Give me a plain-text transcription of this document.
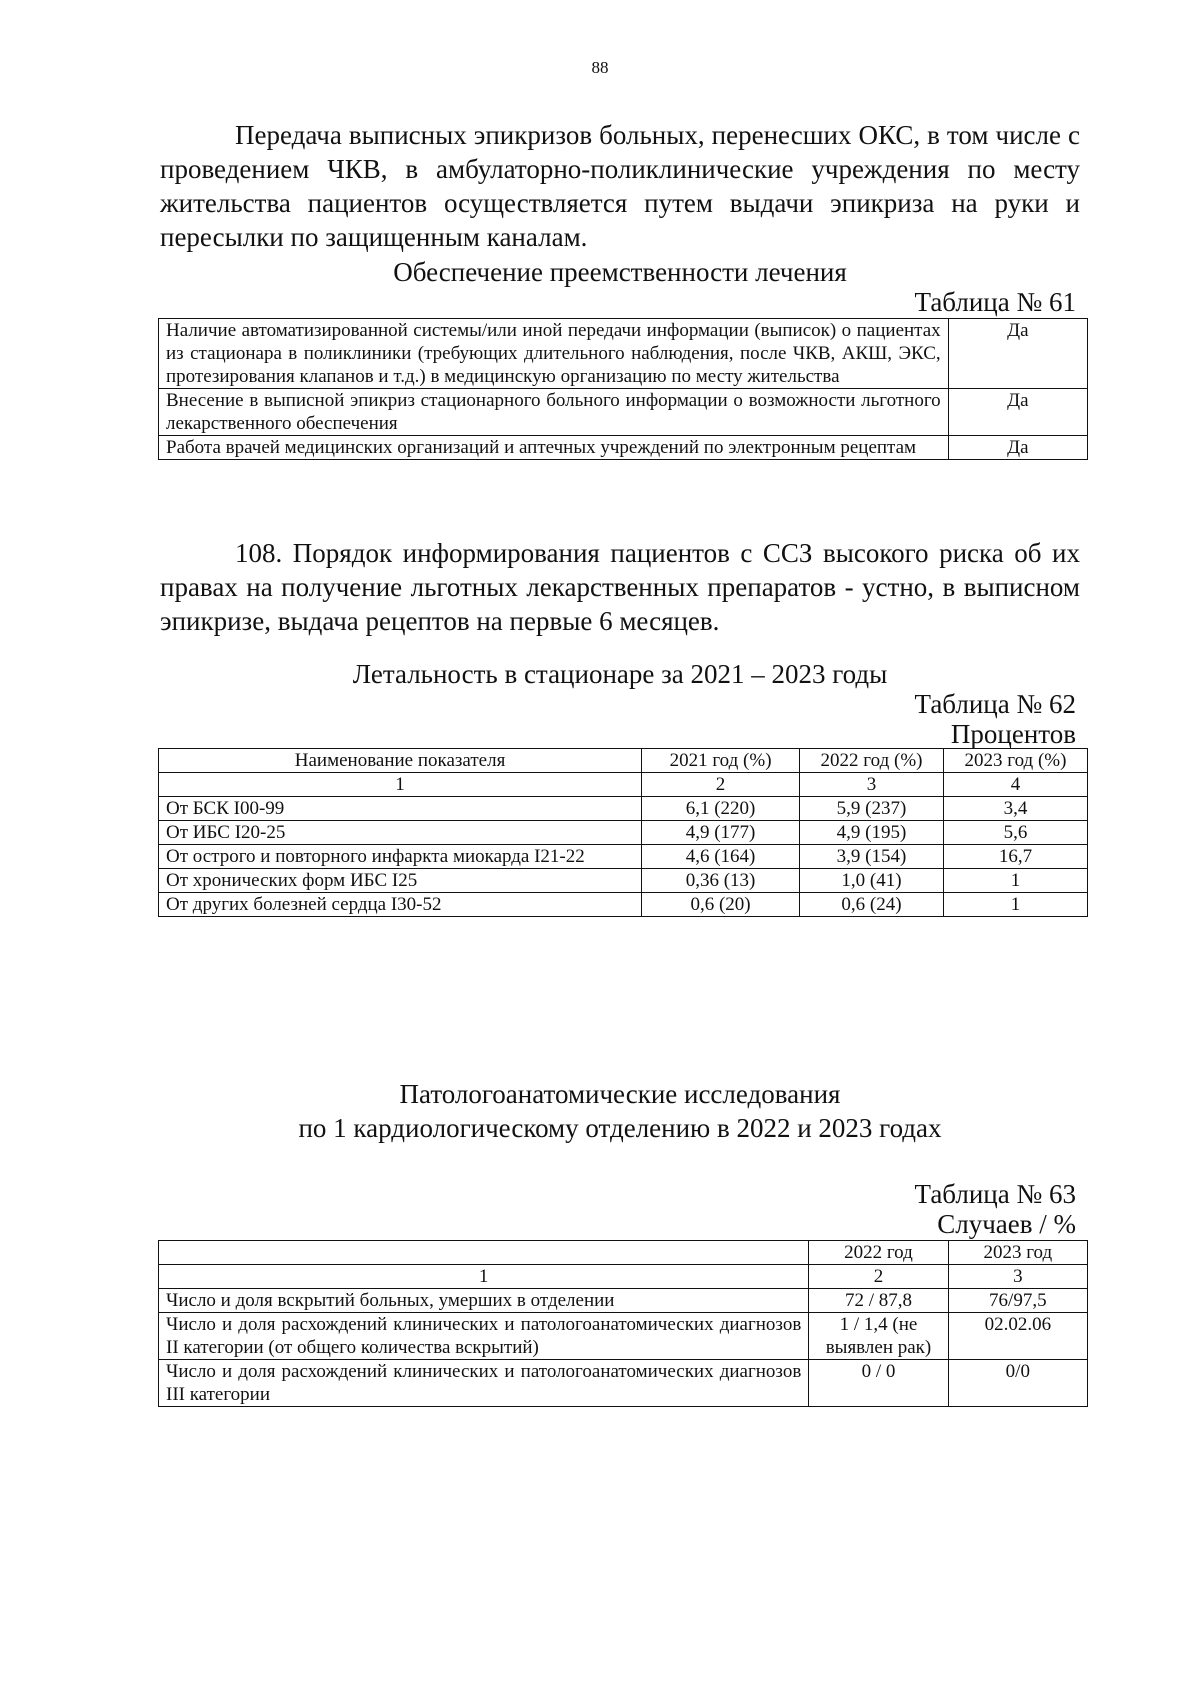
88

Передача выписных эпикризов больных, перенесших ОКС, в том числе с проведением ЧКВ, в амбулаторно-поликлинические учреждения по месту жительства пациентов осуществляется путем выдачи эпикриза на руки и пересылки по защищенным каналам.

Обеспечение преемственности лечения

Таблица № 61
Наличие автоматизированной системы/или иной передачи информации (выписок) о пациентах из стационара в поликлиники (требующих длительного наблюдения, после ЧКВ, АКШ, ЭКС, протезирования клапанов и т.д.) в медицинскую организацию по месту жительства	Да
Внесение в выписной эпикриз стационарного больного информации о возможности льготного лекарственного обеспечения	Да
Работа врачей медицинских организаций и аптечных учреждений по электронным рецептам	Да

108. Порядок информирования пациентов с ССЗ высокого риска об их правах на получение льготных лекарственных препаратов - устно, в выписном эпикризе, выдача рецептов на первые 6 месяцев.

Летальность в стационаре за 2021 – 2023 годы

Таблица № 62
Процентов
Наименование показателя	2021 год (%)	2022 год (%)	2023 год (%)
1	2	3	4
От БСК I00-99	6,1 (220)	5,9 (237)	3,4
От ИБС I20-25	4,9 (177)	4,9 (195)	5,6
От острого и повторного инфаркта миокарда I21-22	4,6 (164)	3,9 (154)	16,7
От хронических форм ИБС I25	0,36 (13)	1,0 (41)	1
От других болезней сердца I30-52	0,6 (20)	0,6 (24)	1

Патологоанатомические исследования

по 1 кардиологическому отделению в 2022 и 2023 годах

Таблица № 63
Случаев / %
	2022 год	2023 год
1	2	3
Число и доля вскрытий больных, умерших в отделении	72 / 87,8	76/97,5
Число и доля расхождений клинических и патологоанатомических диагнозов II категории (от общего количества вскрытий)	1 / 1,4 (не выявлен рак)	02.02.06
Число и доля расхождений клинических и патологоанатомических диагнозов III категории	0 / 0	0/0
